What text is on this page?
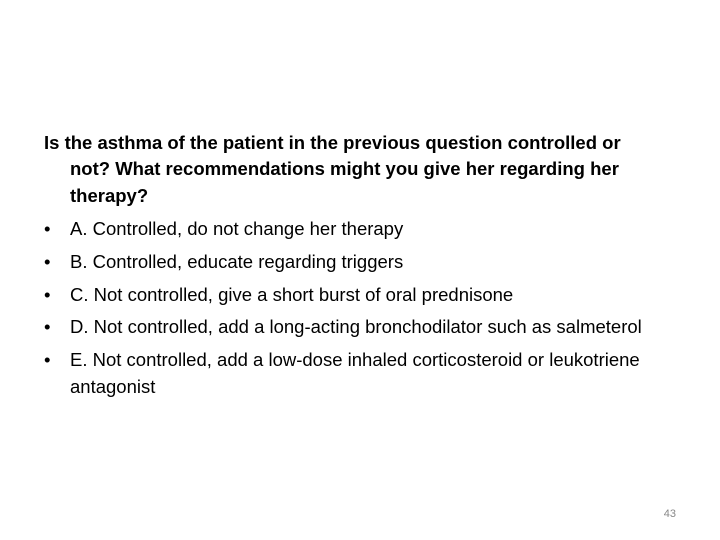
Is the asthma of the patient in the previous question controlled or not? What recommendations might you give her regarding her therapy?

•	A. Controlled, do not change her therapy
•	B. Controlled, educate regarding triggers
•	C. Not controlled, give a short burst of oral prednisone
•	D. Not controlled, add a long-acting bronchodilator such as salmeterol
•	E. Not controlled, add a low-dose inhaled corticosteroid or leukotriene antagonist
43
